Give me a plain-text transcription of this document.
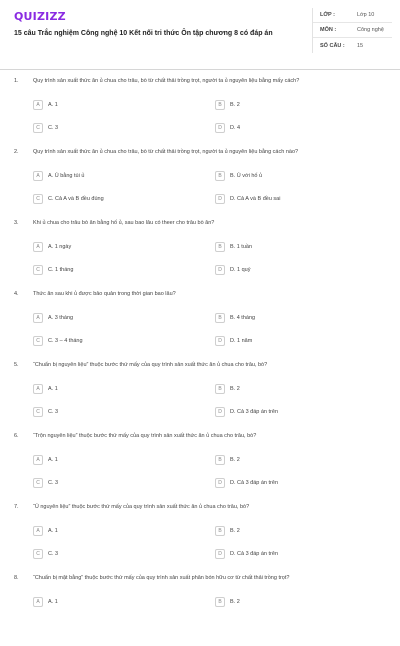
QUIZIZZ
15 câu Trắc nghiệm Công nghệ 10 Kết nối tri thức Ôn tập chương 8 có đáp án
LỚP :	Lớp 10
MÔN :	Công nghệ
SỐ CÂU :	15
1.	Quy trình sản xuất thức ăn ủ chua cho trâu, bò từ chất thải trồng trọt, người ta ủ nguyên liệu bằng mấy cách?
A	A. 1	B	B. 2
C	C. 3	D	D. 4
2.	Quy trình sản xuất thức ăn ủ chua cho trâu, bò từ chất thải trồng trọt, người ta ủ nguyên liệu bằng cách nào?
A	A. Ủ bằng túi ủ	B	B. Ủ với hố ủ
C	C. Cả A và B đều đúng	D	D. Cả A và B đều sai
3.	Khi ủ chua cho trâu bò ăn bằng hố ủ, sau bao lâu có theer cho trâu bò ăn?
A	A. 1 ngày	B	B. 1 tuần
C	C. 1 tháng	D	D. 1 quý
4.	Thức ăn sau khi ủ được bảo quản trong thời gian bao lâu?
A	A. 3 tháng	B	B. 4 tháng
C	C. 3 – 4 tháng	D	D. 1 năm
5.	“Chuẩn bị nguyên liệu” thuộc bước thứ mấy của quy trình sản xuất thức ăn ủ chua cho trâu, bò?
A	A. 1	B	B. 2
C	C. 3	D	D. Cả 3 đáp án trên
6.	“Trộn nguyên liệu” thuộc bước thứ mấy của quy trình sản xuất thức ăn ủ chua cho trâu, bò?
A	A. 1	B	B. 2
C	C. 3	D	D. Cả 3 đáp án trên
7.	“Ủ nguyên liệu” thuộc bước thứ mấy của quy trình sản xuất thức ăn ủ chua cho trâu, bò?
A	A. 1	B	B. 2
C	C. 3	D	D. Cả 3 đáp án trên
8.	“Chuẩn bị mặt bằng” thuộc bước thứ mấy của quy trình sản xuất phân bón hữu cơ từ chất thải trồng trọt?
A	A. 1	B	B. 2
